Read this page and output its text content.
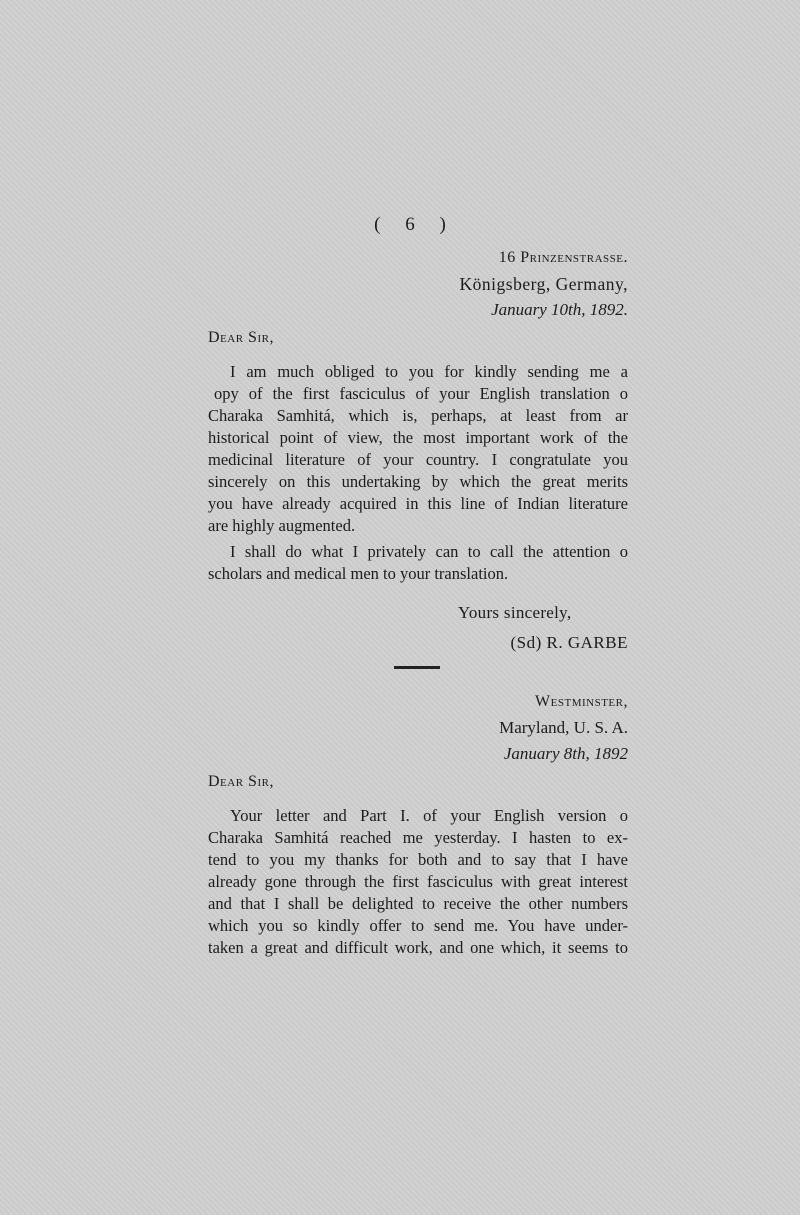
( 6 )
16 Prinzenstrasse.
Königsberg, Germany,
January 10th, 1892.
Dear Sir,
I am much obliged to you for kindly sending me a
opy of the first fasciculus of your English translation o
Charaka Samhitá, which is, perhaps, at least from ar
historical point of view, the most important work of the
medicinal literature of your country. I congratulate you
sincerely on this undertaking by which the great merits
you have already acquired in this line of Indian literature
are highly augmented.
I shall do what I privately can to call the attention o
scholars and medical men to your translation.
Yours sincerely,
(Sd) R. GARBE
Westminster,
Maryland, U. S. A.
January 8th, 1892
Dear Sir,
Your letter and Part I. of your English version o
Charaka Samhitá reached me yesterday. I hasten to ex-
tend to you my thanks for both and to say that I have
already gone through the first fasciculus with great interest
and that I shall be delighted to receive the other numbers
which you so kindly offer to send me. You have under-
taken a great and difficult work, and one which, it seems to
